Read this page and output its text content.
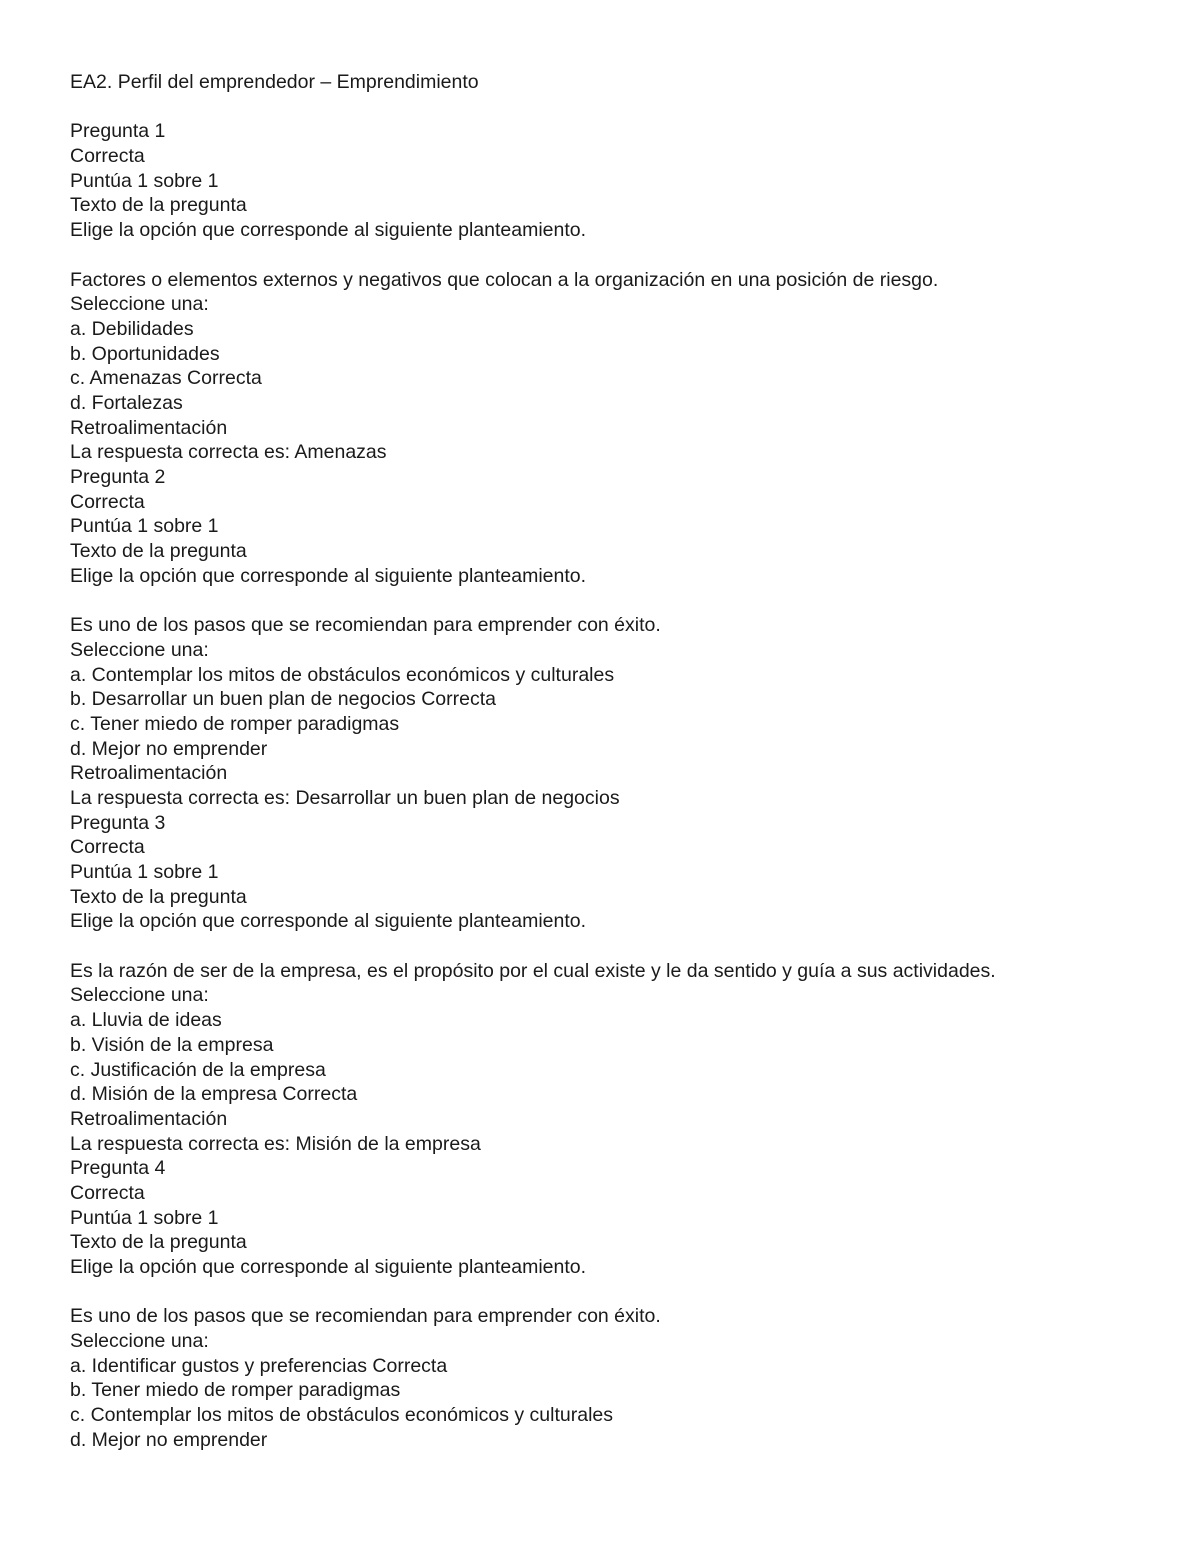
EA2. Perfil del emprendedor – Emprendimiento
Pregunta 1
Correcta
Puntúa 1 sobre 1
Texto de la pregunta
Elige la opción que corresponde al siguiente planteamiento.
Factores o elementos externos y negativos que colocan a la organización en una posición de riesgo.
Seleccione una:
a. Debilidades
b. Oportunidades
c. Amenazas Correcta
d. Fortalezas
Retroalimentación
La respuesta correcta es: Amenazas
Pregunta 2
Correcta
Puntúa 1 sobre 1
Texto de la pregunta
Elige la opción que corresponde al siguiente planteamiento.
Es uno de los pasos que se recomiendan para emprender con éxito.
Seleccione una:
a. Contemplar los mitos de obstáculos económicos y culturales
b. Desarrollar un buen plan de negocios Correcta
c. Tener miedo de romper paradigmas
d. Mejor no emprender
Retroalimentación
La respuesta correcta es: Desarrollar un buen plan de negocios
Pregunta 3
Correcta
Puntúa 1 sobre 1
Texto de la pregunta
Elige la opción que corresponde al siguiente planteamiento.
Es la razón de ser de la empresa, es el propósito por el cual existe y le da sentido y guía a sus actividades.
Seleccione una:
a. Lluvia de ideas
b. Visión de la empresa
c. Justificación de la empresa
d. Misión de la empresa Correcta
Retroalimentación
La respuesta correcta es: Misión de la empresa
Pregunta 4
Correcta
Puntúa 1 sobre 1
Texto de la pregunta
Elige la opción que corresponde al siguiente planteamiento.
Es uno de los pasos que se recomiendan para emprender con éxito.
Seleccione una:
a. Identificar gustos y preferencias Correcta
b. Tener miedo de romper paradigmas
c. Contemplar los mitos de obstáculos económicos y culturales
d. Mejor no emprender
